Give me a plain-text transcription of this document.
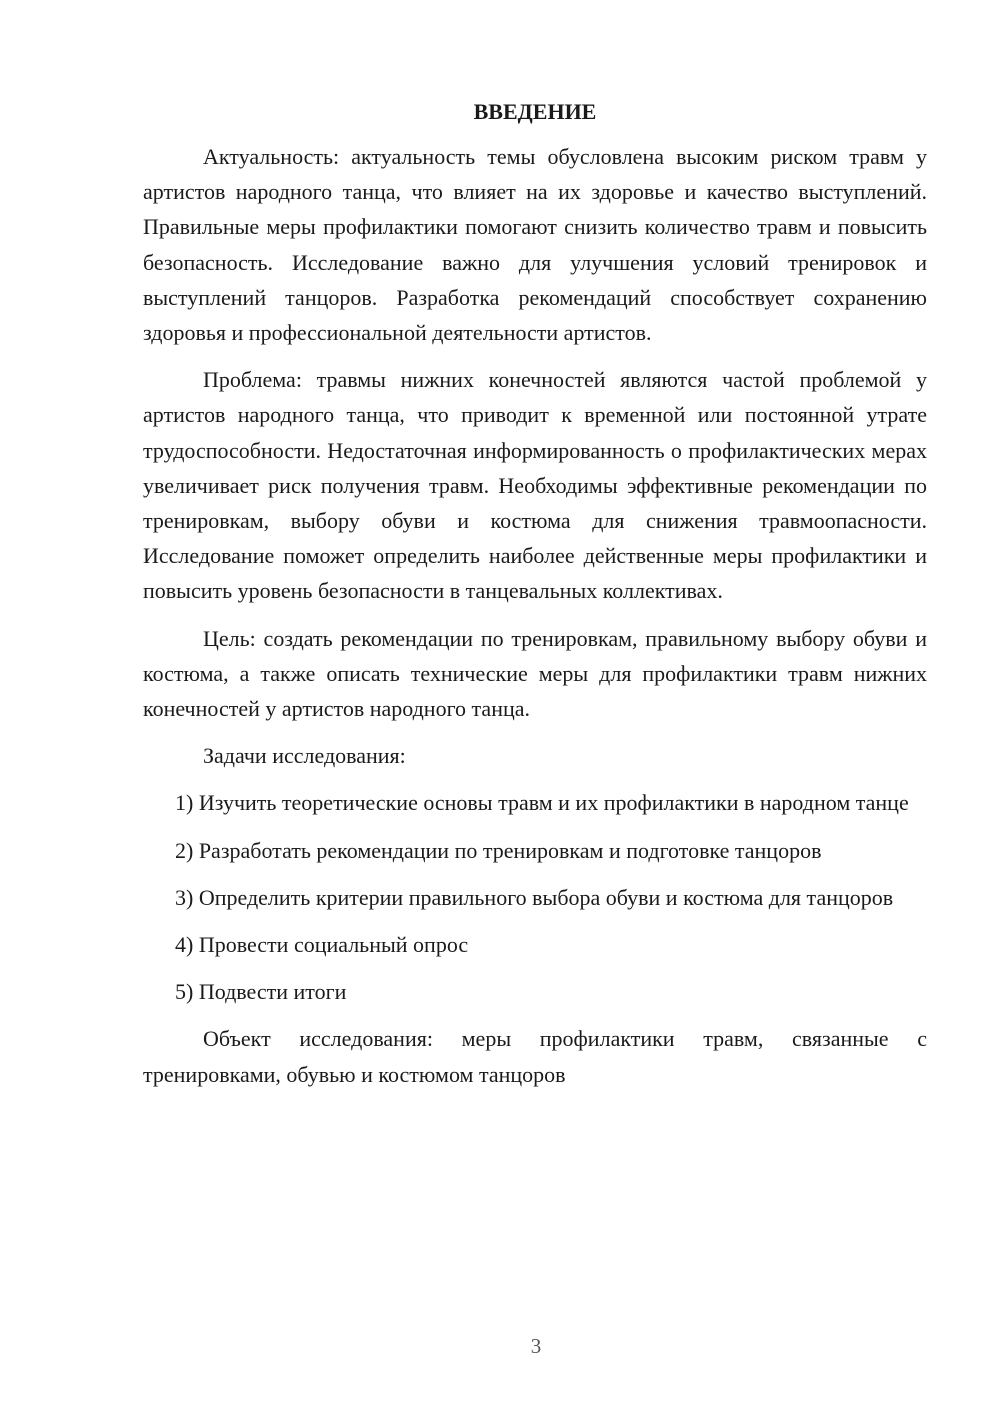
ВВЕДЕНИЕ

Актуальность: актуальность темы обусловлена высоким риском травм у артистов народного танца, что влияет на их здоровье и качество выступлений. Правильные меры профилактики помогают снизить количество травм и повысить безопасность. Исследование важно для улучшения условий тренировок и выступлений танцоров. Разработка рекомендаций способствует сохранению здоровья и профессиональной деятельности артистов.

Проблема: травмы нижних конечностей являются частой проблемой у артистов народного танца, что приводит к временной или постоянной утрате трудоспособности. Недостаточная информированность о профилактических мерах увеличивает риск получения травм. Необходимы эффективные рекомендации по тренировкам, выбору обуви и костюма для снижения травмоопасности. Исследование поможет определить наиболее действенные меры профилактики и повысить уровень безопасности в танцевальных коллективах.

Цель: создать рекомендации по тренировкам, правильному выбору обуви и костюма, а также описать технические меры для профилактики травм нижних конечностей у артистов народного танца.

Задачи исследования:

1) Изучить теоретические основы травм и их профилактики в народном танце

2) Разработать рекомендации по тренировкам и подготовке танцоров

3) Определить критерии правильного выбора обуви и костюма для танцоров

4) Провести социальный опрос

5) Подвести итоги

Объект исследования: меры профилактики травм, связанные с тренировками, обувью и костюмом танцоров

3
